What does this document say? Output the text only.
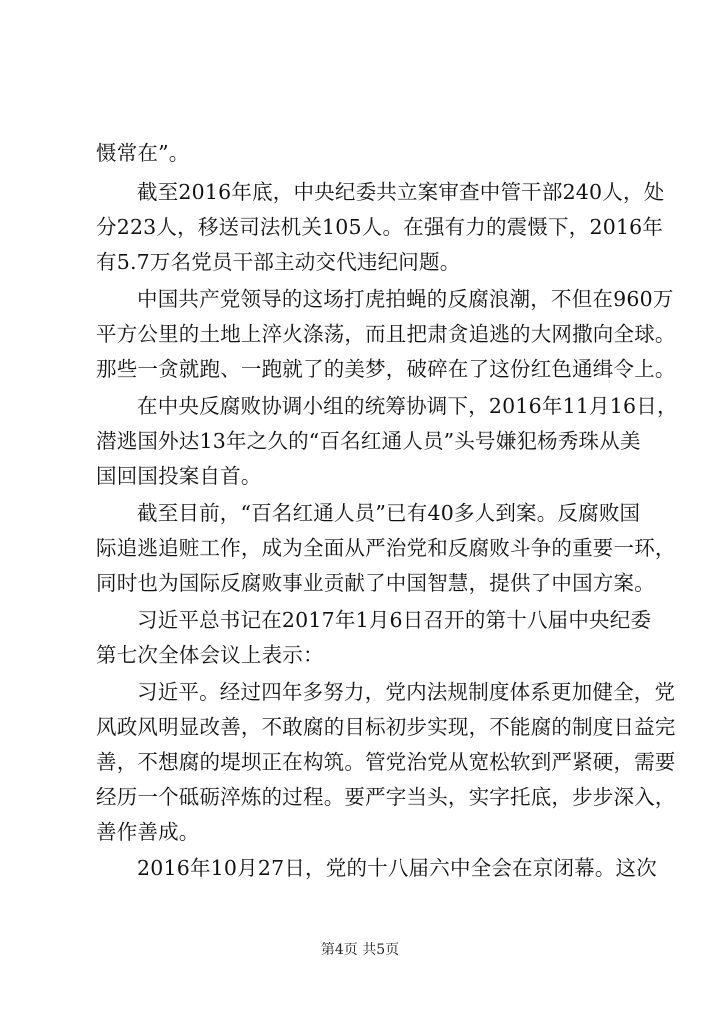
慑常在”。
截至2016年底，中央纪委共立案审查中管干部240人，处
分223人，移送司法机关105人。在强有力的震慑下，2016年
有5.7万名党员干部主动交代违纪问题。
中国共产党领导的这场打虎拍蝇的反腐浪潮，不但在960万
平方公里的土地上淬火涤荡，而且把肃贪追逃的大网撒向全球。
那些一贪就跑、一跑就了的美梦，破碎在了这份红色通缉令上。
在中央反腐败协调小组的统筹协调下，2016年11月16日，
潜逃国外达13年之久的“百名红通人员”头号嫌犯杨秀珠从美
国回国投案自首。
截至目前，“百名红通人员”已有40多人到案。反腐败国
际追逃追赃工作，成为全面从严治党和反腐败斗争的重要一环，
同时也为国际反腐败事业贡献了中国智慧，提供了中国方案。
习近平总书记在2017年1月6日召开的第十八届中央纪委
第七次全体会议上表示：
习近平。经过四年多努力，党内法规制度体系更加健全，党
风政风明显改善，不敢腐的目标初步实现，不能腐的制度日益完
善，不想腐的堤坝正在构筑。管党治党从宽松软到严紧硬，需要
经历一个砥砺淬炼的过程。要严字当头，实字托底，步步深入，
善作善成。
2016年10月27日，党的十八届六中全会在京闭幕。这次
第4页 共5页
